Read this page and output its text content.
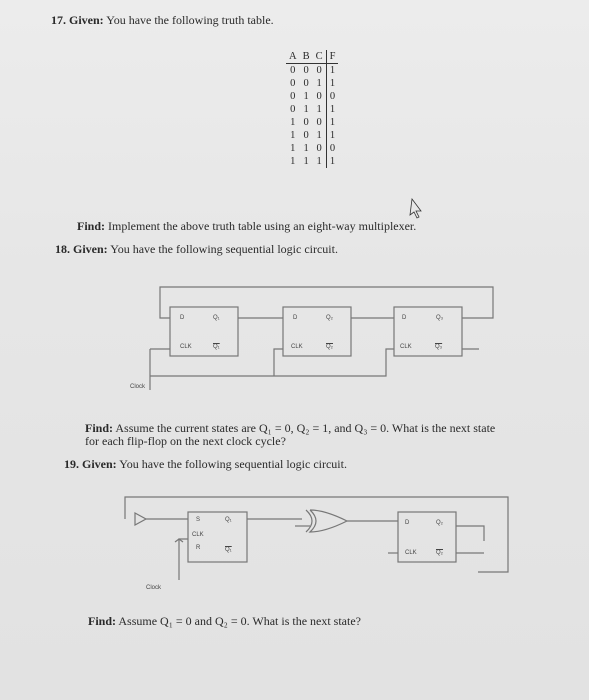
17. Given: You have the following truth table.
A	B	C	F
0	0	0	1
0	0	1	1
0	1	0	0
0	1	1	1
1	0	0	1
1	0	1	1
1	1	0	0
1	1	1	1
Find: Implement the above truth table using an eight-way multiplexer.
18. Given: You have the following sequential logic circuit.
D	Q₁
CLK	Q₁
D	Q₂
CLK	Q₂
D	Q₃
CLK	Q₃
Clock
Find: Assume the current states are Q₁ = 0, Q₂ = 1, and Q₃ = 0. What is the next state
for each flip-flop on the next clock cycle?
19. Given: You have the following sequential logic circuit.
S
CLK
R
Q₁
Q₁
D	Q₂
CLK	Q₂
Clock
Find: Assume Q₁ = 0 and Q₂ = 0. What is the next state?
